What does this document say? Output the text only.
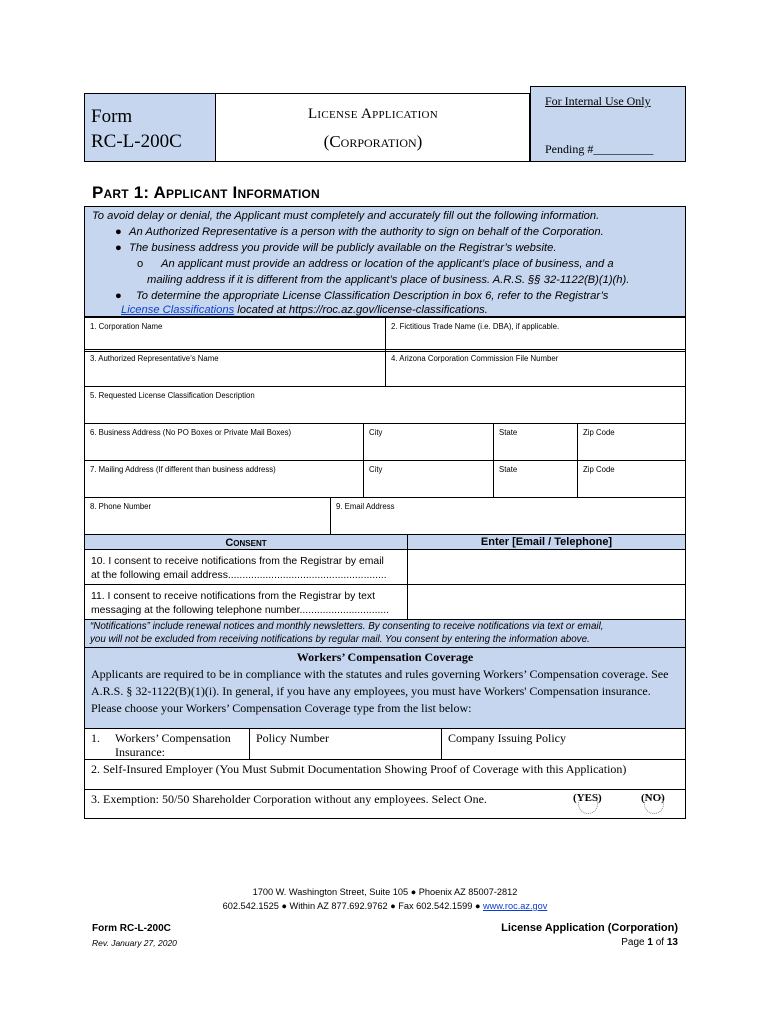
Form
RC-L-200C
License Application
(Corporation)
For Internal Use Only
Pending #__________
Part 1: Applicant Information
To avoid delay or denial, the Applicant must completely and accurately fill out the following information.
● An Authorized Representative is a person with the authority to sign on behalf of the Corporation.
● The business address you provide will be publicly available on the Registrar’s website.
o An applicant must provide an address or location of the applicant’s place of business, and a
mailing address if it is different from the applicant’s place of business. A.R.S. §§ 32-1122(B)(1)(h).
● To determine the appropriate License Classification Description in box 6, refer to the Registrar’s
License Classifications located at https://roc.az.gov/license-classifications.
1. Corporation Name	2. Fictitious Trade Name (i.e. DBA), if applicable.
3. Authorized Representative’s Name	4. Arizona Corporation Commission File Number
5. Requested License Classification Description
6. Business Address (No PO Boxes or Private Mail Boxes)	City	State	Zip Code
7. Mailing Address (If different than business address)	City	State	Zip Code
8. Phone Number	9. Email Address
Consent	Enter [Email / Telephone]
10. I consent to receive notifications from the Registrar by email
at the following email address.......................................................
11. I consent to receive notifications from the Registrar by text
messaging at the following telephone number...............................
“Notifications” include renewal notices and monthly newsletters. By consenting to receive notifications via text or email,
you will not be excluded from receiving notifications by regular mail. You consent by entering the information above.
Workers’ Compensation Coverage
Applicants are required to be in compliance with the statutes and rules governing Workers’ Compensation coverage. See A.R.S. § 32-1122(B)(1)(i). In general, if you have any employees, you must have Workers' Compensation insurance. Please choose your Workers’ Compensation Coverage type from the list below:
1. Workers’ Compensation
Insurance:
Policy Number	Company Issuing Policy
2. Self-Insured Employer (You Must Submit Documentation Showing Proof of Coverage with this Application)
3. Exemption: 50/50 Shareholder Corporation without any employees. Select One.	(YES)	(NO)
1700 W. Washington Street, Suite 105 ● Phoenix AZ 85007-2812
602.542.1525 ● Within AZ 877.692.9762 ● Fax 602.542.1599 ● www.roc.az.gov
Form RC-L-200C
Rev. January 27, 2020
License Application (Corporation)
Page 1 of 13
